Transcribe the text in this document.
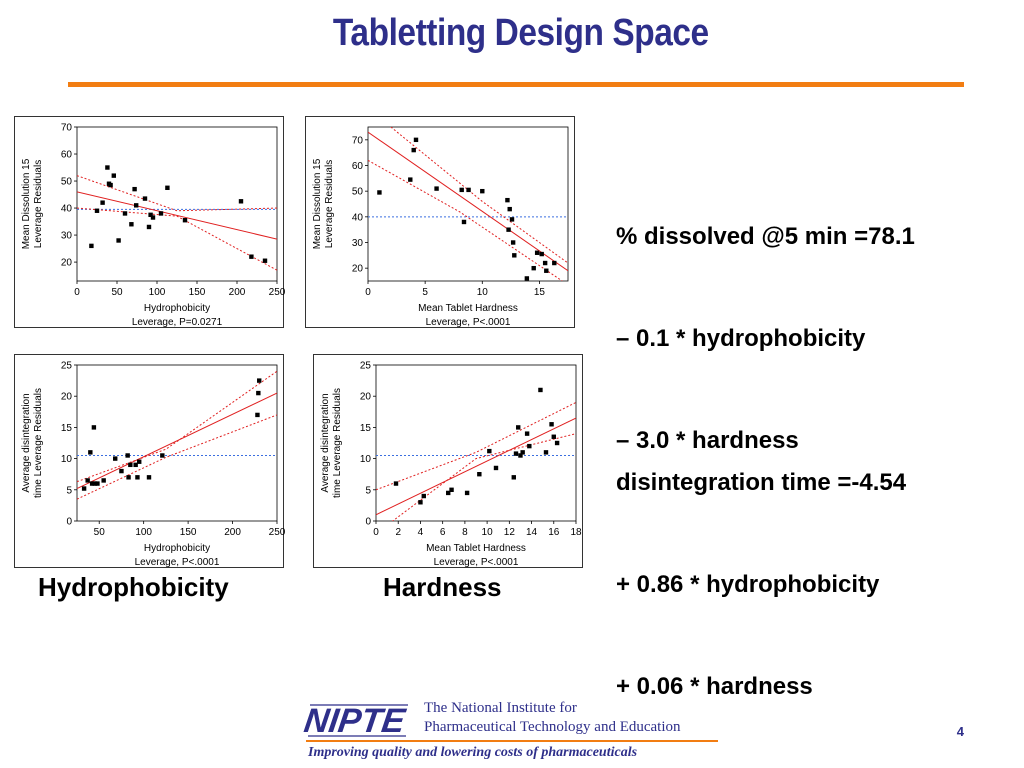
Tabletting Design Space
20
30
40
50
60
70
0	50	100 150 200 250
Hydrophobicity
Leverage, P=0.0271
Mean Dissolution 15 Leverage Residuals
20
30
40
50
60
70
0	5	10	15
Mean Tablet Hardness
Leverage, P<.0001
Mean Dissolution 15 Leverage Residuals
0
5
10
15
20
25
50	100	150	200	250
Hydrophobicity
Leverage, P<.0001
Average disintegration time Leverage Residuals
0
5
10
15
20
25
0 2 4 6 8 10 12 14 16 18
Mean Tablet Hardness
Leverage, P<.0001
Average disintegration time Leverage Residuals

% dissolved @5 min =78.1

– 0.1 * hydrophobicity

– 3.0 * hardness

disintegration time =-4.54

+ 0.86 * hydrophobicity

+ 0.06 * hardness

Hydrophobicity	Hardness
NIPTE The National Institute for
Pharmaceutical Technology and Education
Improving quality and lowering costs of pharmaceuticals
4
